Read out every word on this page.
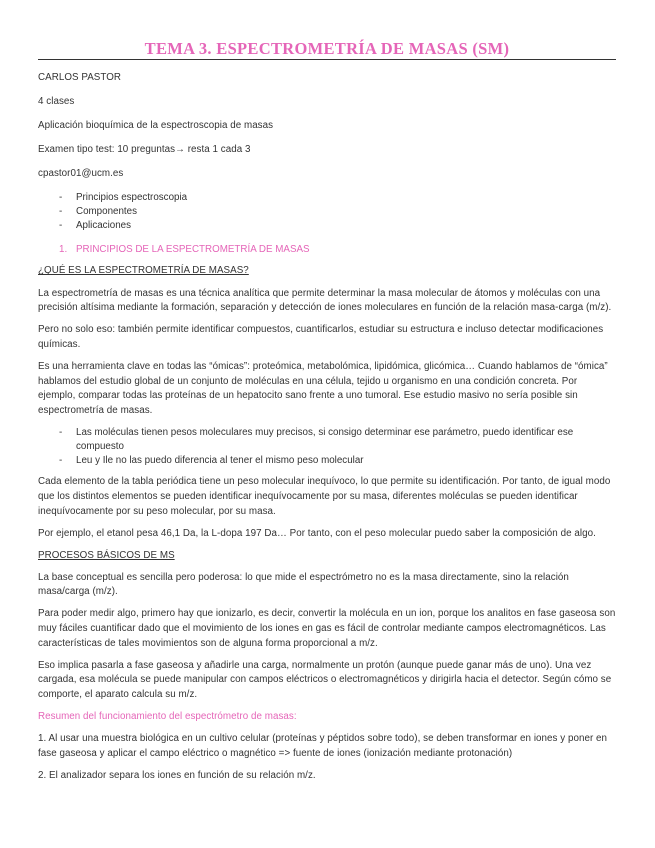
TEMA 3. ESPECTROMETRÍA DE MASAS (SM)

CARLOS PASTOR

4 clases

Aplicación bioquímica de la espectroscopia de masas

Examen tipo test: 10 preguntas→ resta 1 cada 3

cpastor01@ucm.es

- Principios espectroscopia
- Componentes
- Aplicaciones
1. PRINCIPIOS DE LA ESPECTROMETRÍA DE MASAS

¿QUÉ ES LA ESPECTROMETRÍA DE MASAS?

La espectrometría de masas es una técnica analítica que permite determinar la masa molecular de átomos y moléculas con una precisión altísima mediante la formación, separación y detección de iones moleculares en función de la relación masa-carga (m/z).

Pero no solo eso: también permite identificar compuestos, cuantificarlos, estudiar su estructura e incluso detectar modificaciones químicas.

Es una herramienta clave en todas las “ómicas”: proteómica, metabolómica, lipidómica, glicómica… Cuando hablamos de “ómica” hablamos del estudio global de un conjunto de moléculas en una célula, tejido u organismo en una condición concreta. Por ejemplo, comparar todas las proteínas de un hepatocito sano frente a uno tumoral. Ese estudio masivo no sería posible sin espectrometría de masas.

- Las moléculas tienen pesos moleculares muy precisos, si consigo determinar ese parámetro, puedo identificar ese compuesto
- Leu y Ile no las puedo diferencia al tener el mismo peso molecular

Cada elemento de la tabla periódica tiene un peso molecular inequívoco, lo que permite su identificación. Por tanto, de igual modo que los distintos elementos se pueden identificar inequívocamente por su masa, diferentes moléculas se pueden identificar inequívocamente por su peso molecular, por su masa.

Por ejemplo, el etanol pesa 46,1 Da, la L-dopa 197 Da… Por tanto, con el peso molecular puedo saber la composición de algo.

PROCESOS BÁSICOS DE MS

La base conceptual es sencilla pero poderosa: lo que mide el espectrómetro no es la masa directamente, sino la relación masa/carga (m/z).

Para poder medir algo, primero hay que ionizarlo, es decir, convertir la molécula en un ion, porque los analitos en fase gaseosa son muy fáciles cuantificar dado que el movimiento de los iones en gas es fácil de controlar mediante campos electromagnéticos. Las características de tales movimientos son de alguna forma proporcional a m/z.

Eso implica pasarla a fase gaseosa y añadirle una carga, normalmente un protón (aunque puede ganar más de uno). Una vez cargada, esa molécula se puede manipular con campos eléctricos o electromagnéticos y dirigirla hacia el detector. Según cómo se comporte, el aparato calcula su m/z.

Resumen del funcionamiento del espectrómetro de masas:

1. Al usar una muestra biológica en un cultivo celular (proteínas y péptidos sobre todo), se deben transformar en iones y poner en fase gaseosa y aplicar el campo eléctrico o magnético => fuente de iones (ionización mediante protonación)

2. El analizador separa los iones en función de su relación m/z.
